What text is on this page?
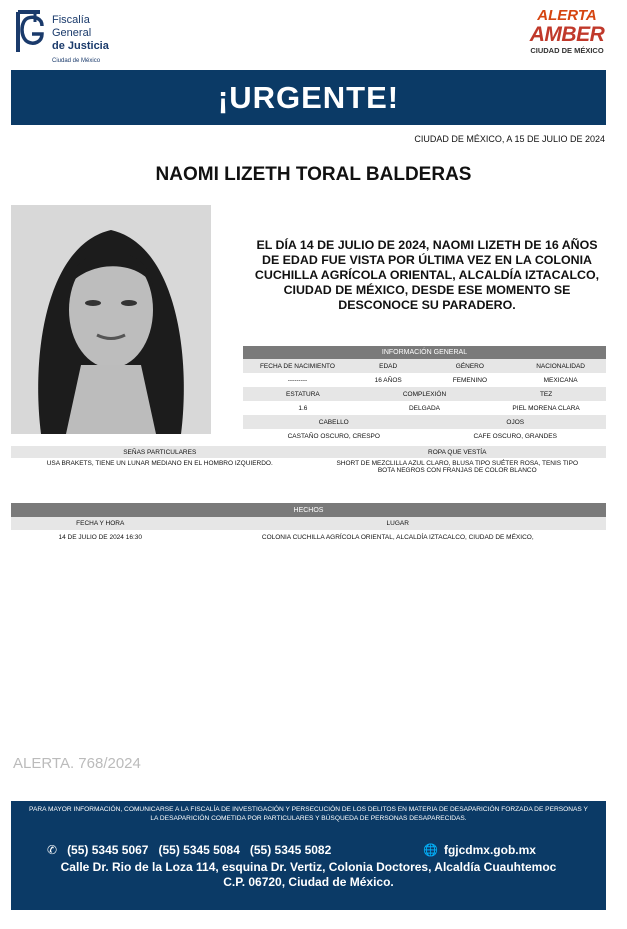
Fiscalía
General
de Justicia
Ciudad de México
ALERTA
AMBER
CIUDAD DE MÉXICO
¡URGENTE!
CIUDAD DE MÉXICO, A 15 DE JULIO DE 2024
NAOMI LIZETH TORAL BALDERAS
EL DÍA 14 DE JULIO DE 2024, NAOMI LIZETH DE 16 AÑOS DE EDAD FUE VISTA POR ÚLTIMA VEZ EN LA COLONIA CUCHILLA AGRÍCOLA ORIENTAL, ALCALDÍA IZTACALCO, CIUDAD DE MÉXICO, DESDE ESE MOMENTO SE DESCONOCE SU PARADERO.
INFORMACIÓN GENERAL
FECHA DE NACIMIENTO	EDAD	GÉNERO	NACIONALIDAD
---------	16 AÑOS	FEMENINO	MEXICANA
ESTATURA	COMPLEXIÓN	TEZ
1.6	DELGADA	PIEL MORENA CLARA
CABELLO	OJOS
CASTAÑO OSCURO, CRESPO	CAFE OSCURO, GRANDES
SEÑAS PARTICULARES	ROPA QUE VESTÍA
USA BRAKETS, TIENE UN LUNAR MEDIANO EN EL HOMBRO IZQUIERDO.	SHORT DE MEZCLILLA AZUL CLARO, BLUSA TIPO SUÉTER ROSA, TENIS TIPO BOTA NEGROS CON FRANJAS DE COLOR BLANCO
HECHOS
FECHA Y HORA	LUGAR
14 DE JULIO DE 2024 16:30	COLONIA CUCHILLA AGRÍCOLA ORIENTAL, ALCALDÍA IZTACALCO, CIUDAD DE MÉXICO,
ALERTA. 768/2024
PARA MAYOR INFORMACIÓN, COMUNICARSE A LA FISCALÍA DE INVESTIGACIÓN Y PERSECUCIÓN DE LOS DELITOS EN MATERIA DE DESAPARICIÓN FORZADA DE PERSONAS Y LA DESAPARICIÓN COMETIDA POR PARTICULARES Y BÚSQUEDA DE PERSONAS DESAPARECIDAS.
✆ (55) 5345 5067 (55) 5345 5084 (55) 5345 5082	🌐 fgjcdmx.gob.mx
Calle Dr. Rio de la Loza 114, esquina Dr. Vertiz, Colonia Doctores, Alcaldía Cuauhtemoc
C.P. 06720, Ciudad de México.
